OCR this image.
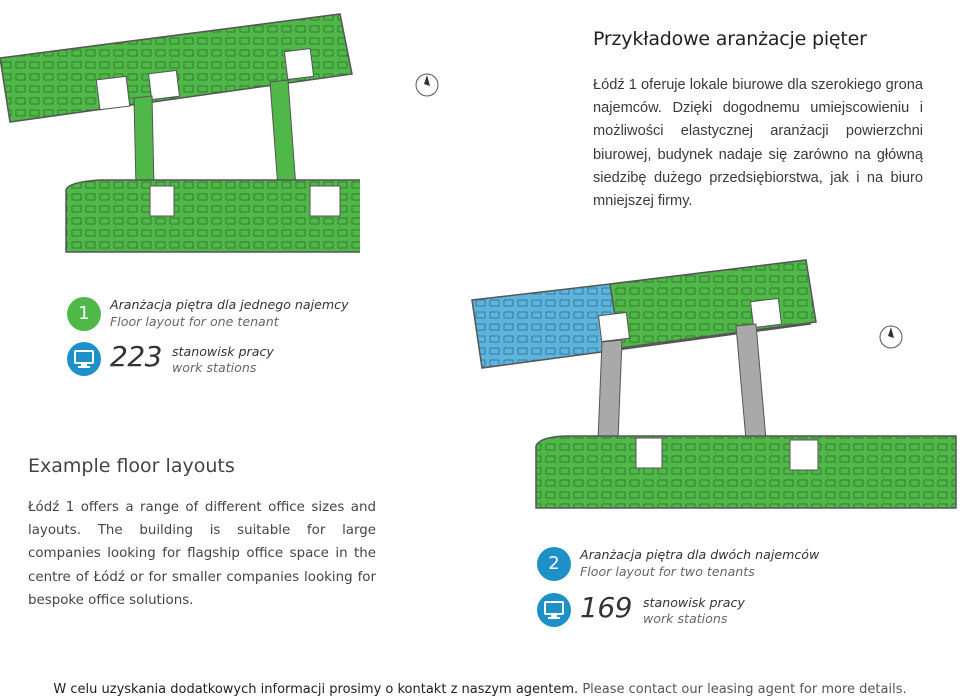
Przykładowe aranżacje pięter
Łódź 1 oferuje lokale biurowe dla szerokiego grona najemców. Dzięki dogodnemu umiejscowieniu i możliwości elastycznej aranżacji powierzchni biurowej, budynek nadaje się zarówno na główną siedzibę dużego przedsiębiorstwa, jak i na biuro mniejszej firmy.
1	Aranżacja piętra dla jednego najemcy
Floor layout for one tenant
223 stanowisk pracy
work stations
Example floor layouts
Łódź 1 offers a range of different office sizes and layouts. The building is suitable for large companies looking for flagship office space in the centre of Łódź or for smaller companies looking for bespoke office solutions.
2	Aranżacja piętra dla dwóch najemców
Floor layout for two tenants
169 stanowisk pracy
work stations
W celu uzyskania dodatkowych informacji prosimy o kontakt z naszym agentem. Please contact our leasing agent for more details.
